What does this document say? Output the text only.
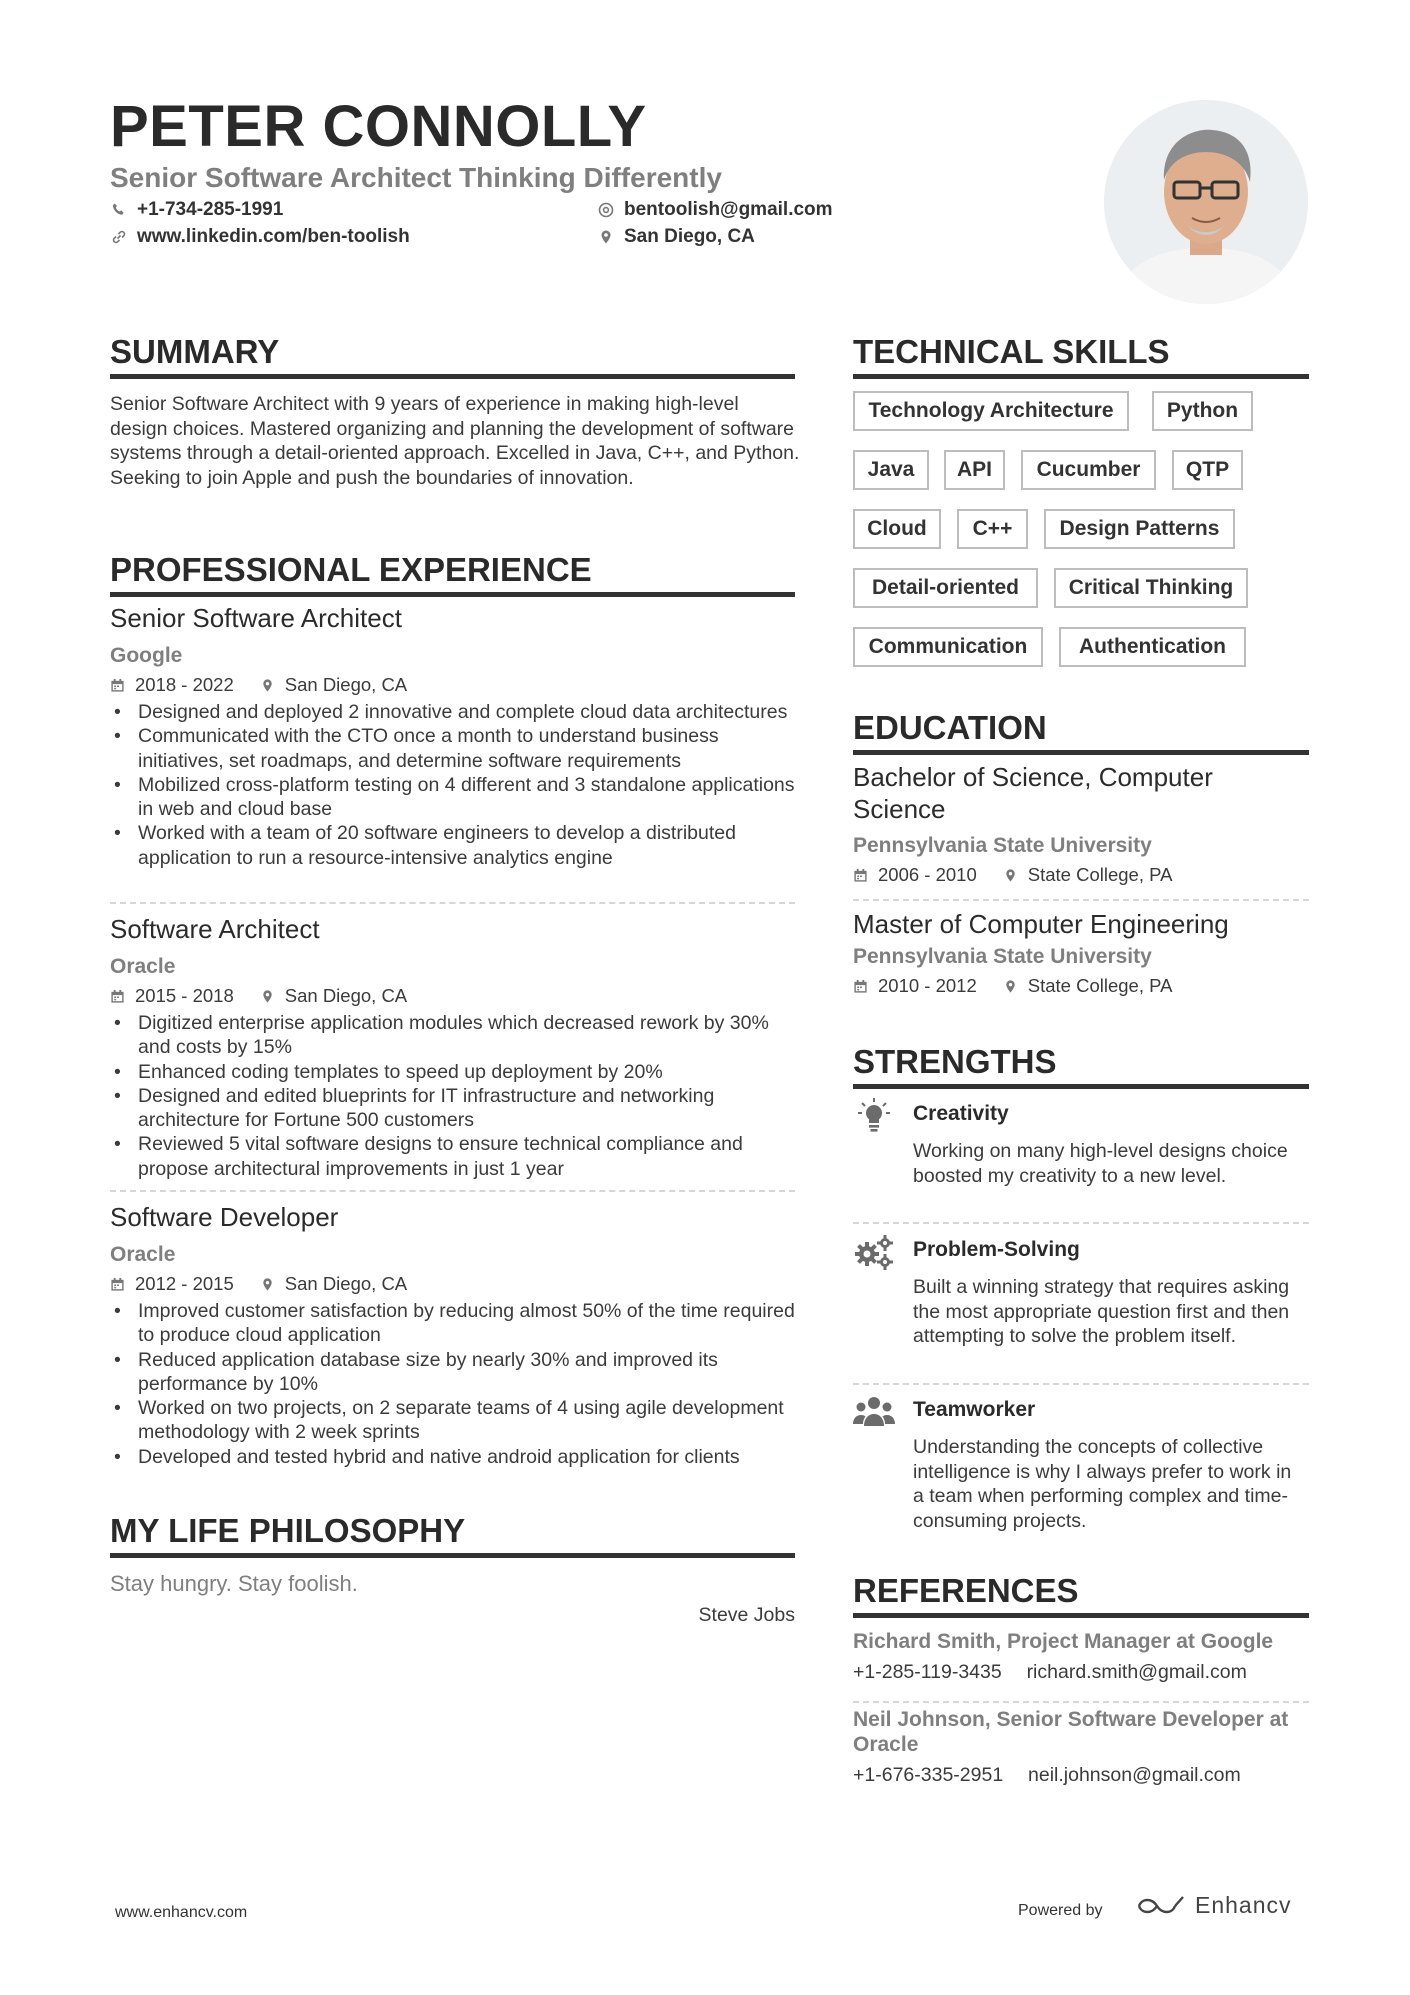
PETER CONNOLLY
Senior Software Architect Thinking Differently
+1-734-285-1991	bentoolish@gmail.com
www.linkedin.com/ben-toolish	San Diego, CA
SUMMARY
Senior Software Architect with 9 years of experience in making high-level design choices. Mastered organizing and planning the development of software systems through a detail-oriented approach. Excelled in Java, C++, and Python. Seeking to join Apple and push the boundaries of innovation.
PROFESSIONAL EXPERIENCE
Senior Software Architect
Google
2018 - 2022	San Diego, CA
• Designed and deployed 2 innovative and complete cloud data architectures
• Communicated with the CTO once a month to understand business initiatives, set roadmaps, and determine software requirements
• Mobilized cross-platform testing on 4 different and 3 standalone applications in web and cloud base
• Worked with a team of 20 software engineers to develop a distributed application to run a resource-intensive analytics engine
Software Architect
Oracle
2015 - 2018	San Diego, CA
• Digitized enterprise application modules which decreased rework by 30% and costs by 15%
• Enhanced coding templates to speed up deployment by 20%
• Designed and edited blueprints for IT infrastructure and networking architecture for Fortune 500 customers
• Reviewed 5 vital software designs to ensure technical compliance and propose architectural improvements in just 1 year
Software Developer
Oracle
2012 - 2015	San Diego, CA
• Improved customer satisfaction by reducing almost 50% of the time required to produce cloud application
• Reduced application database size by nearly 30% and improved its performance by 10%
• Worked on two projects, on 2 separate teams of 4 using agile development methodology with 2 week sprints
• Developed and tested hybrid and native android application for clients
MY LIFE PHILOSOPHY
Stay hungry. Stay foolish.
Steve Jobs
TECHNICAL SKILLS
Technology Architecture	Python
Java	API	Cucumber	QTP
Cloud	C++	Design Patterns
Detail-oriented	Critical Thinking
Communication	Authentication
EDUCATION
Bachelor of Science, Computer Science
Pennsylvania State University
2006 - 2010	State College, PA
Master of Computer Engineering
Pennsylvania State University
2010 - 2012	State College, PA
STRENGTHS
Creativity
Working on many high-level designs choice boosted my creativity to a new level.
Problem-Solving
Built a winning strategy that requires asking the most appropriate question first and then attempting to solve the problem itself.
Teamworker
Understanding the concepts of collective intelligence is why I always prefer to work in a team when performing complex and time-consuming projects.
REFERENCES
Richard Smith, Project Manager at Google
+1-285-119-3435 richard.smith@gmail.com
Neil Johnson, Senior Software Developer at Oracle
+1-676-335-2951 neil.johnson@gmail.com
www.enhancv.com	Powered by	Enhancv
